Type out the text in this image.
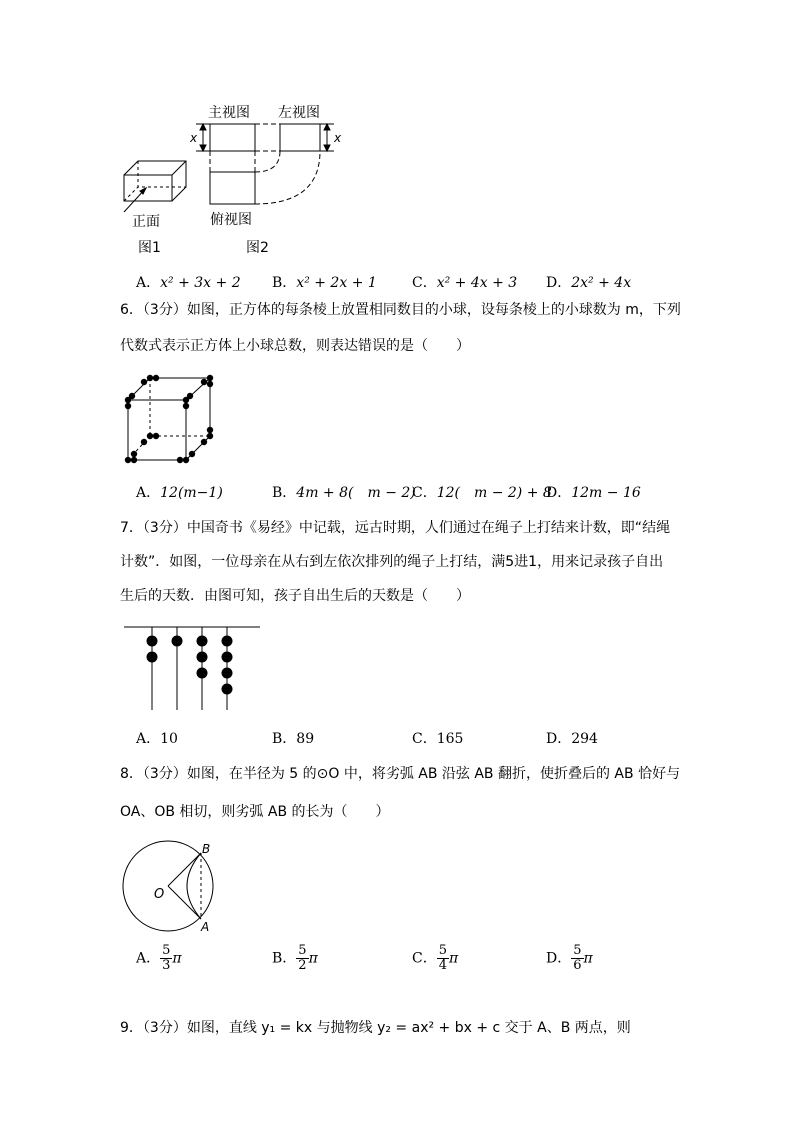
主视图 左视图
俯视图
x	x
正面
图1	图2
A．x² + 3x + 2 B．x² + 2x + 1	C．x² + 4x + 3 D．2x² + 4x
6．（3分）如图，正方体的每条棱上放置相同数目的小球，设每条棱上的小球数为 m，下列
代数式表示正方体上小球总数，则表达错误的是（　　）
A．12(m−1)	B．4m + 8(　m − 2)
C．12(　m − 2) + 8
D．12m − 16
7．（3分）中国奇书《易经》中记载，远古时期，人们通过在绳子上打结来计数，即“结绳
计数”．如图，一位母亲在从右到左依次排列的绳子上打结，满5进1，用来记录孩子自出
生后的天数．由图可知，孩子自出生后的天数是（　　）
A．10	B．89	C．165	D．294
8．（3分）如图，在半径为 5 的⊙O 中，将劣弧 AB 沿弦 AB 翻折，使折叠后的 AB 恰好与
OA、OB 相切，则劣弧 AB 的长为（　　）
O
A
B
A． $\frac{5}{3}$ π	B． $\frac{5}{2}$ π	C． $\frac{5}{4}$ π	D． $\frac{5}{6}$ π
9．（3分）如图，直线 y₁ = kx 与抛物线 y₂ = ax² + bx + c 交于 A、B 两点，则
